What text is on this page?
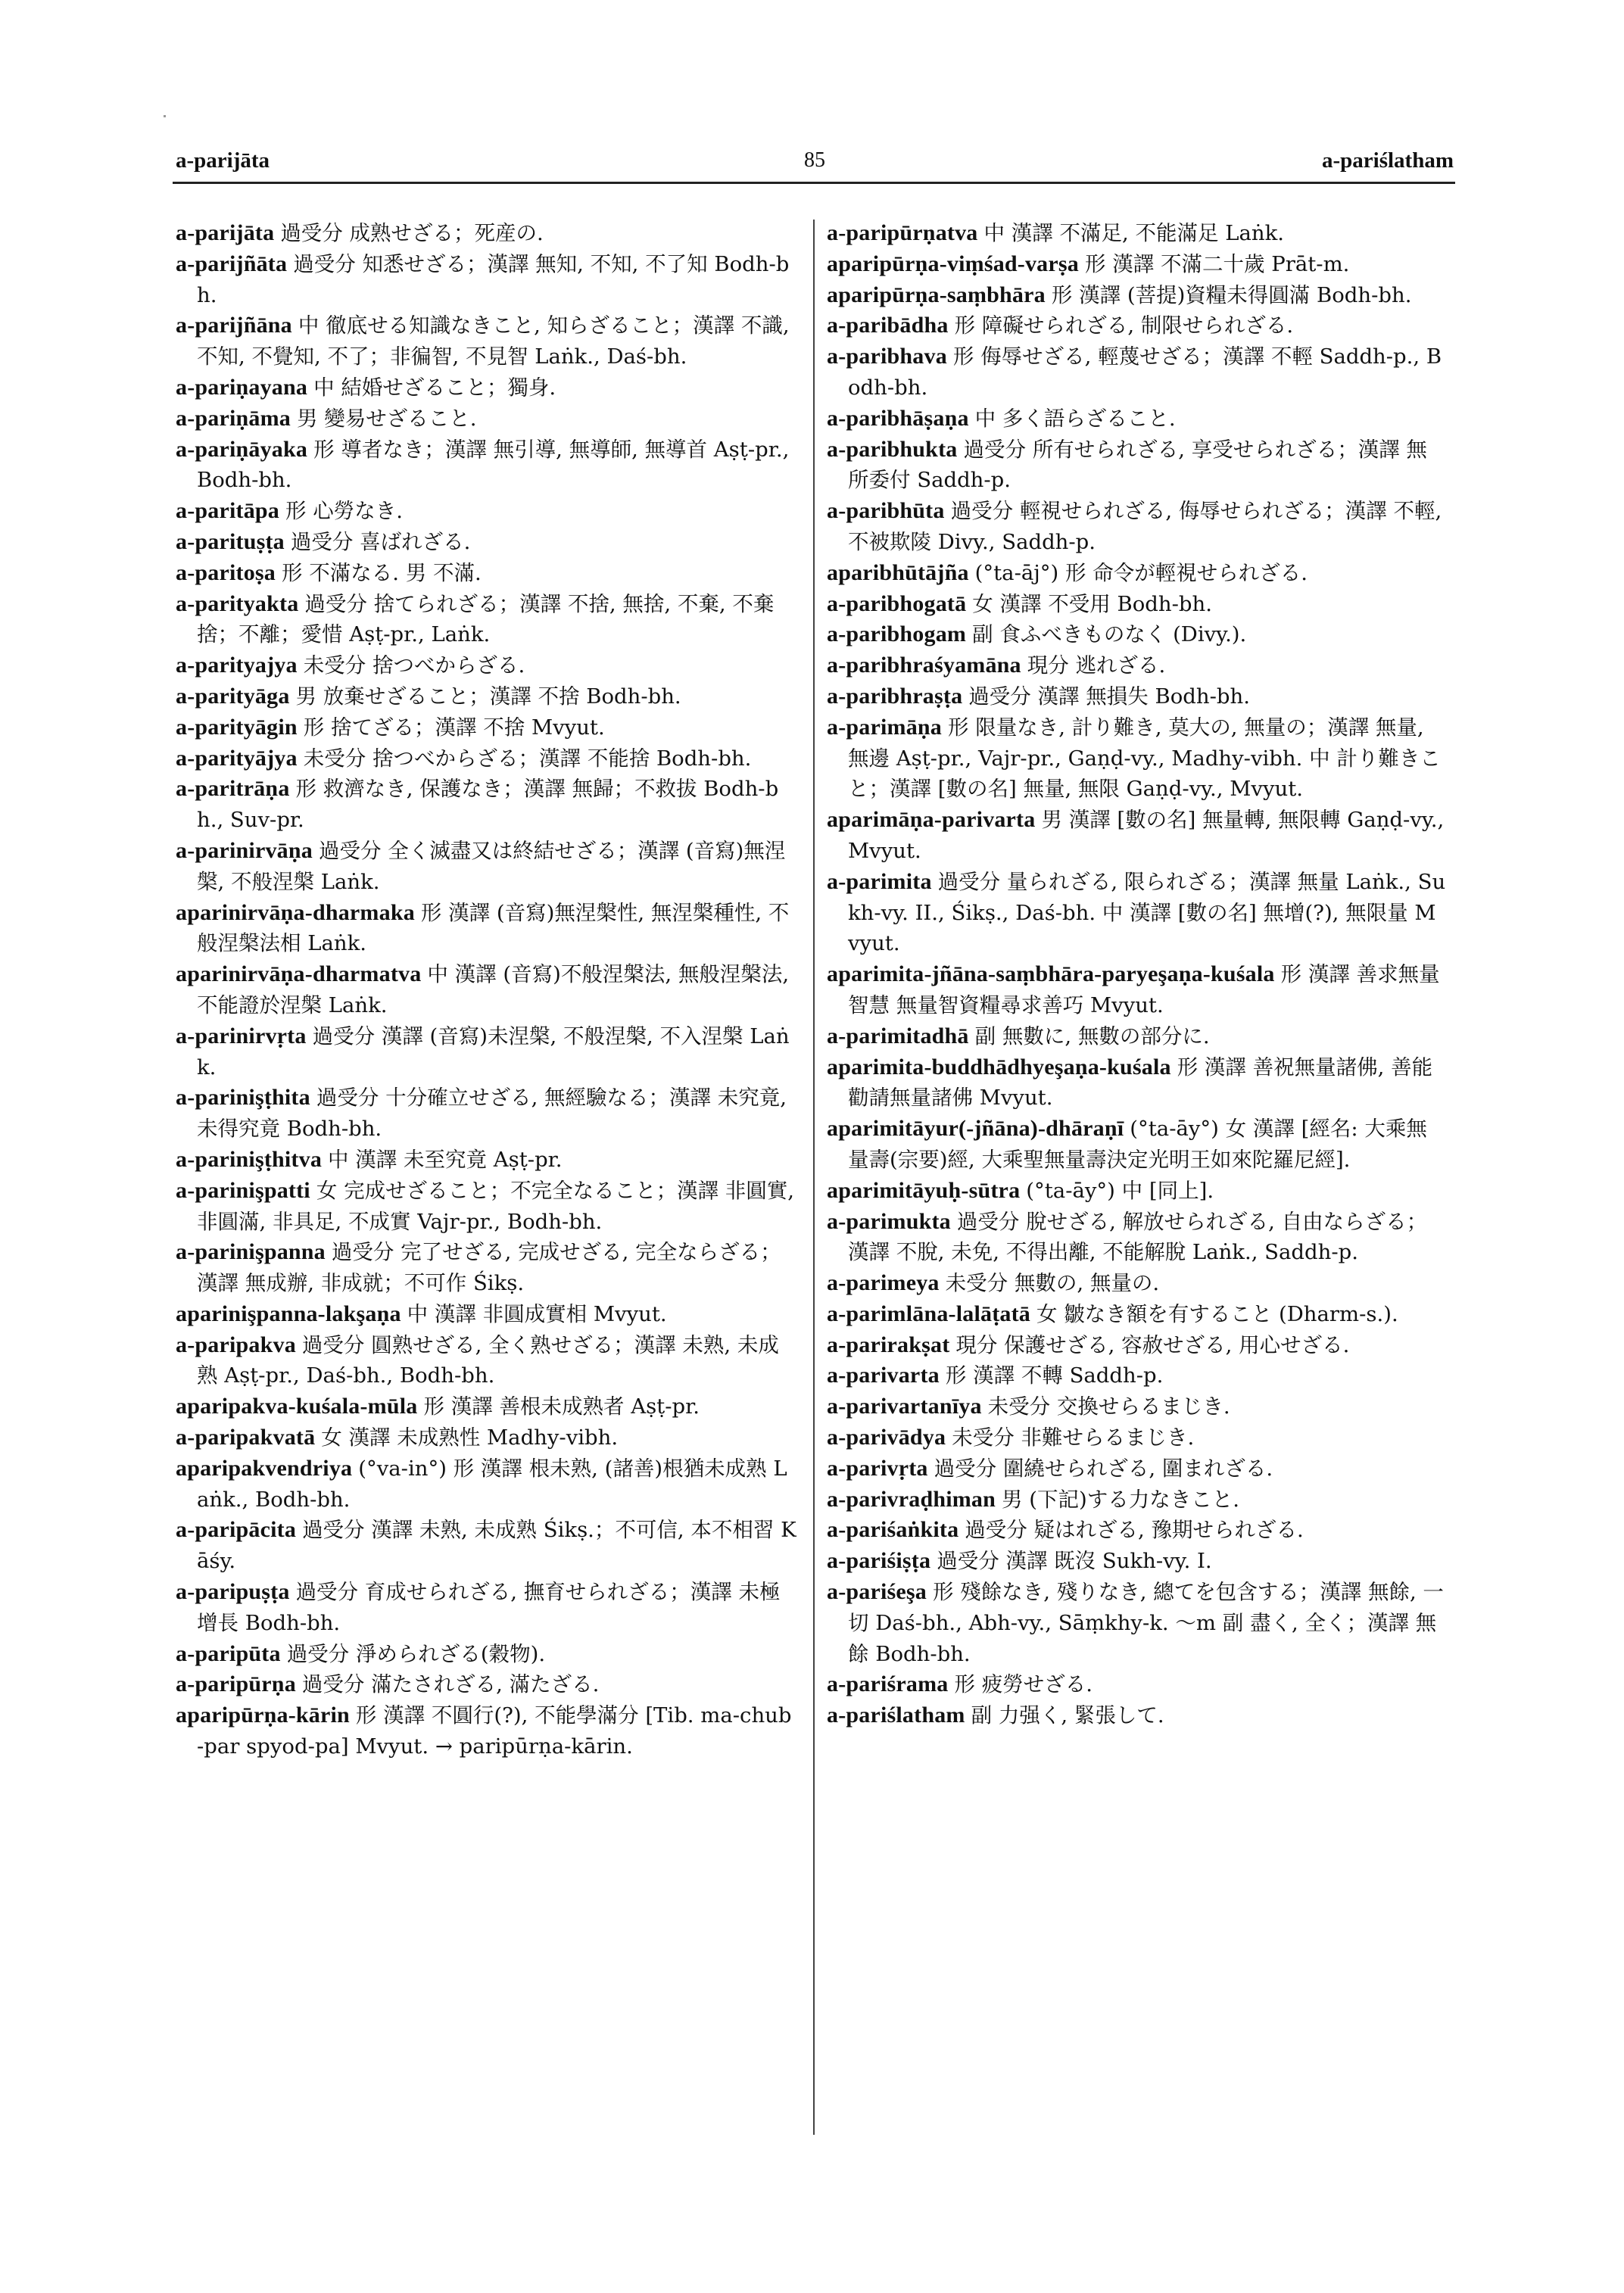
a-parijāta	85	a-pariślatham
a-parijāta 過受分 成熟せざる；死産の.
a-parijñāta 過受分 知悉せざる；漢譯 無知, 不知, 不了知 Bodh-bh.
a-parijñāna 中 徹底せる知識なきこと, 知らざること；漢譯 不識, 不知, 不覺知, 不了；非徧智, 不見智 Laṅk., Daś-bh.
a-pariṇayana 中 結婚せざること；獨身.
a-pariṇāma 男 變易せざること.
a-pariṇāyaka 形 導者なき；漢譯 無引導, 無導師, 無導首 Aṣṭ-pr., Bodh-bh.
a-paritāpa 形 心勞なき.
a-parituṣṭa 過受分 喜ばれざる.
a-paritoṣa 形 不滿なる. 男 不滿.
a-parityakta 過受分 捨てられざる；漢譯 不捨, 無捨, 不棄, 不棄捨；不離；愛惜 Aṣṭ-pr., Laṅk.
a-parityajya 未受分 捨つべからざる.
a-parityāga 男 放棄せざること；漢譯 不捨 Bodh-bh.
a-parityāgin 形 捨てざる；漢譯 不捨 Mvyut.
a-parityājya 未受分 捨つべからざる；漢譯 不能捨 Bodh-bh.
a-paritrāṇa 形 救濟なき, 保護なき；漢譯 無歸；不救拔 Bodh-bh., Suv-pr.
a-parinirvāṇa 過受分 全く滅盡又は終結せざる；漢譯 (音寫)無涅槃, 不般涅槃 Laṅk.
aparinirvāṇa-dharmaka 形 漢譯 (音寫)無涅槃性, 無涅槃種性, 不般涅槃法相 Laṅk.
aparinirvāṇa-dharmatva 中 漢譯 (音寫)不般涅槃法, 無般涅槃法, 不能證於涅槃 Laṅk.
a-parinirvṛta 過受分 漢譯 (音寫)未涅槃, 不般涅槃, 不入涅槃 Laṅk.
a-parinişṭhita 過受分 十分確立せざる, 無經驗なる；漢譯 未究竟, 未得究竟 Bodh-bh.
a-parinişṭhitva 中 漢譯 未至究竟 Aṣṭ-pr.
a-parinişpatti 女 完成せざること；不完全なること；漢譯 非圓實, 非圓滿, 非具足, 不成實 Vajr-pr., Bodh-bh.
a-parinişpanna 過受分 完了せざる, 完成せざる, 完全ならざる；漢譯 無成辦, 非成就；不可作 Śikṣ.
aparinişpanna-lakşaṇa 中 漢譯 非圓成實相 Mvyut.
a-paripakva 過受分 圓熟せざる, 全く熟せざる；漢譯 未熟, 未成熟 Aṣṭ-pr., Daś-bh., Bodh-bh.
aparipakva-kuśala-mūla 形 漢譯 善根未成熟者 Aṣṭ-pr.
a-paripakvatā 女 漢譯 未成熟性 Madhy-vibh.
aparipakvendriya (°va-in°) 形 漢譯 根未熟, (諸善)根猶未成熟 Laṅk., Bodh-bh.
a-paripācita 過受分 漢譯 未熟, 未成熟 Śikṣ.；不可信, 本不相習 Kāśy.
a-paripuṣṭa 過受分 育成せられざる, 撫育せられざる；漢譯 未極增長 Bodh-bh.
a-paripūta 過受分 淨められざる(穀物).
a-paripūrṇa 過受分 滿たされざる, 滿たざる.
aparipūrṇa-kārin 形 漢譯 不圓行(?), 不能學滿分 [Tib. ma-chub-par spyod-pa] Mvyut. → paripūrṇa-kārin.
a-paripūrṇatva 中 漢譯 不滿足, 不能滿足 Laṅk.
aparipūrṇa-viṃśad-varṣa 形 漢譯 不滿二十歲 Prāt-m.
aparipūrṇa-saṃbhāra 形 漢譯 (菩提)資糧未得圓滿 Bodh-bh.
a-paribādha 形 障礙せられざる, 制限せられざる.
a-paribhava 形 侮辱せざる, 輕蔑せざる；漢譯 不輕 Saddh-p., Bodh-bh.
a-paribhāṣaṇa 中 多く語らざること.
a-paribhukta 過受分 所有せられざる, 享受せられざる；漢譯 無所委付 Saddh-p.
a-paribhūta 過受分 輕視せられざる, 侮辱せられざる；漢譯 不輕, 不被欺陵 Divy., Saddh-p.
aparibhūtājña (°ta-āj°) 形 命令が輕視せられざる.
a-paribhogatā 女 漢譯 不受用 Bodh-bh.
a-paribhogam 副 食ふべきものなく (Divy.).
a-paribhraśyamāna 現分 逃れざる.
a-paribhraṣṭa 過受分 漢譯 無損失 Bodh-bh.
a-parimāṇa 形 限量なき, 計り難き, 莫大の, 無量の；漢譯 無量, 無邊 Aṣṭ-pr., Vajr-pr., Gaṇḍ-vy., Madhy-vibh. 中 計り難きこと；漢譯 [數の名] 無量, 無限 Gaṇḍ-vy., Mvyut.
aparimāṇa-parivarta 男 漢譯 [數の名] 無量轉, 無限轉 Gaṇḍ-vy., Mvyut.
a-parimita 過受分 量られざる, 限られざる；漢譯 無量 Laṅk., Sukh-vy. II., Śikṣ., Daś-bh. 中 漢譯 [數の名] 無增(?), 無限量 Mvyut.
aparimita-jñāna-saṃbhāra-paryeşaṇa-kuśala 形 漢譯 善求無量智慧 無量智資糧尋求善巧 Mvyut.
a-parimitadhā 副 無數に, 無數の部分に.
aparimita-buddhādhyeşaṇa-kuśala 形 漢譯 善祝無量諸佛, 善能勸請無量諸佛 Mvyut.
aparimitāyur(-jñāna)-dhāraṇī (°ta-āy°) 女 漢譯 [經名: 大乘無量壽(宗要)經, 大乘聖無量壽決定光明王如來陀羅尼經].
aparimitāyuḥ-sūtra (°ta-āy°) 中 [同上].
a-parimukta 過受分 脫せざる, 解放せられざる, 自由ならざる；漢譯 不脫, 未免, 不得出離, 不能解脫 Laṅk., Saddh-p.
a-parimeya 未受分 無數の, 無量の.
a-parimlāna-lalāṭatā 女 皺なき額を有すること (Dharm-s.).
a-parirakṣat 現分 保護せざる, 容赦せざる, 用心せざる.
a-parivarta 形 漢譯 不轉 Saddh-p.
a-parivartanīya 未受分 交換せらるまじき.
a-parivādya 未受分 非難せらるまじき.
a-parivṛta 過受分 圍繞せられざる, 圍まれざる.
a-parivraḍhiman 男 (下記)する力なきこと.
a-pariśaṅkita 過受分 疑はれざる, 豫期せられざる.
a-pariśiṣṭa 過受分 漢譯 既沒 Sukh-vy. I.
a-pariśeşa 形 殘餘なき, 殘りなき, 總てを包含する；漢譯 無餘, 一切 Daś-bh., Abh-vy., Sāṃkhy-k. 〜m 副 盡く, 全く；漢譯 無餘 Bodh-bh.
a-pariśrama 形 疲勞せざる.
a-pariślatham 副 力强く, 緊張して.
